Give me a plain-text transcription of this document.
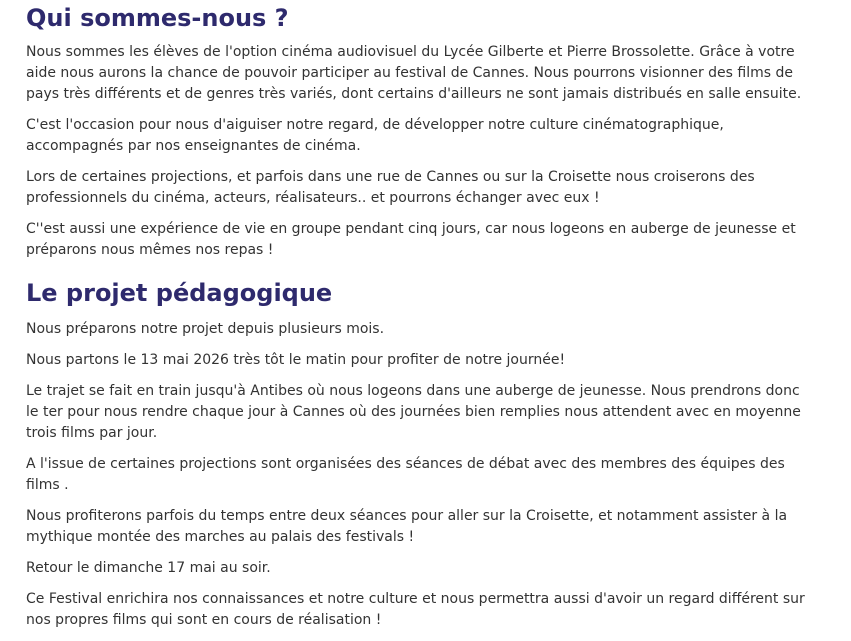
Qui sommes-nous ?

Nous sommes les élèves de l'option cinéma audiovisuel du Lycée Gilberte et Pierre Brossolette. Grâce à votre aide nous aurons la chance de pouvoir participer au festival de Cannes. Nous pourrons visionner des films de pays très différents et de genres très variés, dont certains d'ailleurs ne sont jamais distribués en salle ensuite.

C'est l'occasion pour nous d'aiguiser notre regard, de développer notre culture cinématographique, accompagnés par nos enseignantes de cinéma.

Lors de certaines projections, et parfois dans une rue de Cannes ou sur la Croisette nous croiserons des professionnels du cinéma, acteurs, réalisateurs.. et pourrons échanger avec eux !

C''est aussi une expérience de vie en groupe pendant cinq jours, car nous logeons en auberge de jeunesse et préparons nous mêmes nos repas !

Le projet pédagogique

Nous préparons notre projet depuis plusieurs mois.

Nous partons le 13 mai 2026 très tôt le matin pour profiter de notre journée!

Le trajet se fait en train jusqu'à Antibes où nous logeons dans une auberge de jeunesse. Nous prendrons donc le ter pour nous rendre chaque jour à Cannes où des journées bien remplies nous attendent avec en moyenne trois films par jour.

A l'issue de certaines projections sont organisées des séances de débat avec des membres des équipes des films .

Nous profiterons parfois du temps entre deux séances pour aller sur la Croisette, et notamment assister à la mythique montée des marches au palais des festivals !

Retour le dimanche 17 mai au soir.

Ce Festival enrichira nos connaissances et notre culture et nous permettra aussi d'avoir un regard différent sur nos propres films qui sont en cours de réalisation !
